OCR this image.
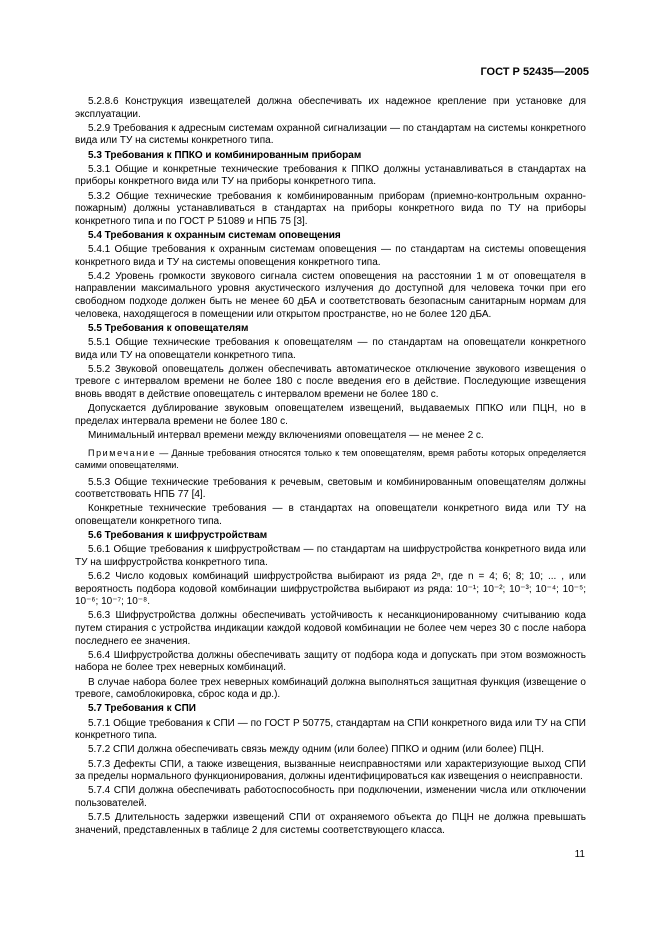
ГОСТ Р 52435—2005
5.2.8.6 Конструкция извещателей должна обеспечивать их надежное крепление при установке для эксплуатации.
5.2.9 Требования к адресным системам охранной сигнализации — по стандартам на системы конкретного вида или ТУ на системы конкретного типа.
5.3 Требования к ППКО и комбинированным приборам
5.3.1 Общие и конкретные технические требования к ППКО должны устанавливаться в стандартах на приборы конкретного вида или ТУ на приборы конкретного типа.
5.3.2 Общие технические требования к комбинированным приборам (приемно-контрольным охранно-пожарным) должны устанавливаться в стандартах на приборы конкретного вида по ТУ на приборы конкретного типа и по ГОСТ Р 51089 и НПБ 75 [3].
5.4 Требования к охранным системам оповещения
5.4.1 Общие требования к охранным системам оповещения — по стандартам на системы оповещения конкретного вида и ТУ на системы оповещения конкретного типа.
5.4.2 Уровень громкости звукового сигнала систем оповещения на расстоянии 1 м от оповещателя в направлении максимального уровня акустического излучения до доступной для человека точки при его свободном подходе должен быть не менее 60 дБА и соответствовать безопасным санитарным нормам для человека, находящегося в помещении или открытом пространстве, но не более 120 дБА.
5.5 Требования к оповещателям
5.5.1 Общие технические требования к оповещателям — по стандартам на оповещатели конкретного вида или ТУ на оповещатели конкретного типа.
5.5.2 Звуковой оповещатель должен обеспечивать автоматическое отключение звукового извещения о тревоге с интервалом времени не более 180 с после введения его в действие. Последующие извещения вновь вводят в действие оповещатель с интервалом времени не более 180 с.
Допускается дублирование звуковым оповещателем извещений, выдаваемых ППКО или ПЦН, но в пределах интервала времени не более 180 с.
Минимальный интервал времени между включениями оповещателя — не менее 2 с.
Примечание — Данные требования относятся только к тем оповещателям, время работы которых определяется самими оповещателями.
5.5.3 Общие технические требования к речевым, световым и комбинированным оповещателям должны соответствовать НПБ 77 [4].
Конкретные технические требования — в стандартах на оповещатели конкретного вида или ТУ на оповещатели конкретного типа.
5.6 Требования к шифрустройствам
5.6.1 Общие требования к шифрустройствам — по стандартам на шифрустройства конкретного вида или ТУ на шифрустройства конкретного типа.
5.6.2 Число кодовых комбинаций шифрустройства выбирают из ряда 2ⁿ, где n = 4; 6; 8; 10; ... , или вероятность подбора кодовой комбинации шифрустройства выбирают из ряда: 10⁻¹; 10⁻²; 10⁻³; 10⁻⁴; 10⁻⁵; 10⁻⁶; 10⁻⁷; 10⁻⁸.
5.6.3 Шифрустройства должны обеспечивать устойчивость к несанкционированному считыванию кода путем стирания с устройства индикации каждой кодовой комбинации не более чем через 30 с после набора последнего ее значения.
5.6.4 Шифрустройства должны обеспечивать защиту от подбора кода и допускать при этом возможность набора не более трех неверных комбинаций.
В случае набора более трех неверных комбинаций должна выполняться защитная функция (извещение о тревоге, самоблокировка, сброс кода и др.).
5.7 Требования к СПИ
5.7.1 Общие требования к СПИ — по ГОСТ Р 50775, стандартам на СПИ конкретного вида или ТУ на СПИ конкретного типа.
5.7.2 СПИ должна обеспечивать связь между одним (или более) ППКО и одним (или более) ПЦН.
5.7.3 Дефекты СПИ, а также извещения, вызванные неисправностями или характеризующие выход СПИ за пределы нормального функционирования, должны идентифицироваться как извещения о неисправности.
5.7.4 СПИ должна обеспечивать работоспособность при подключении, изменении числа или отключении пользователей.
5.7.5 Длительность задержки извещений СПИ от охраняемого объекта до ПЦН не должна превышать значений, представленных в таблице 2 для системы соответствующего класса.
11
